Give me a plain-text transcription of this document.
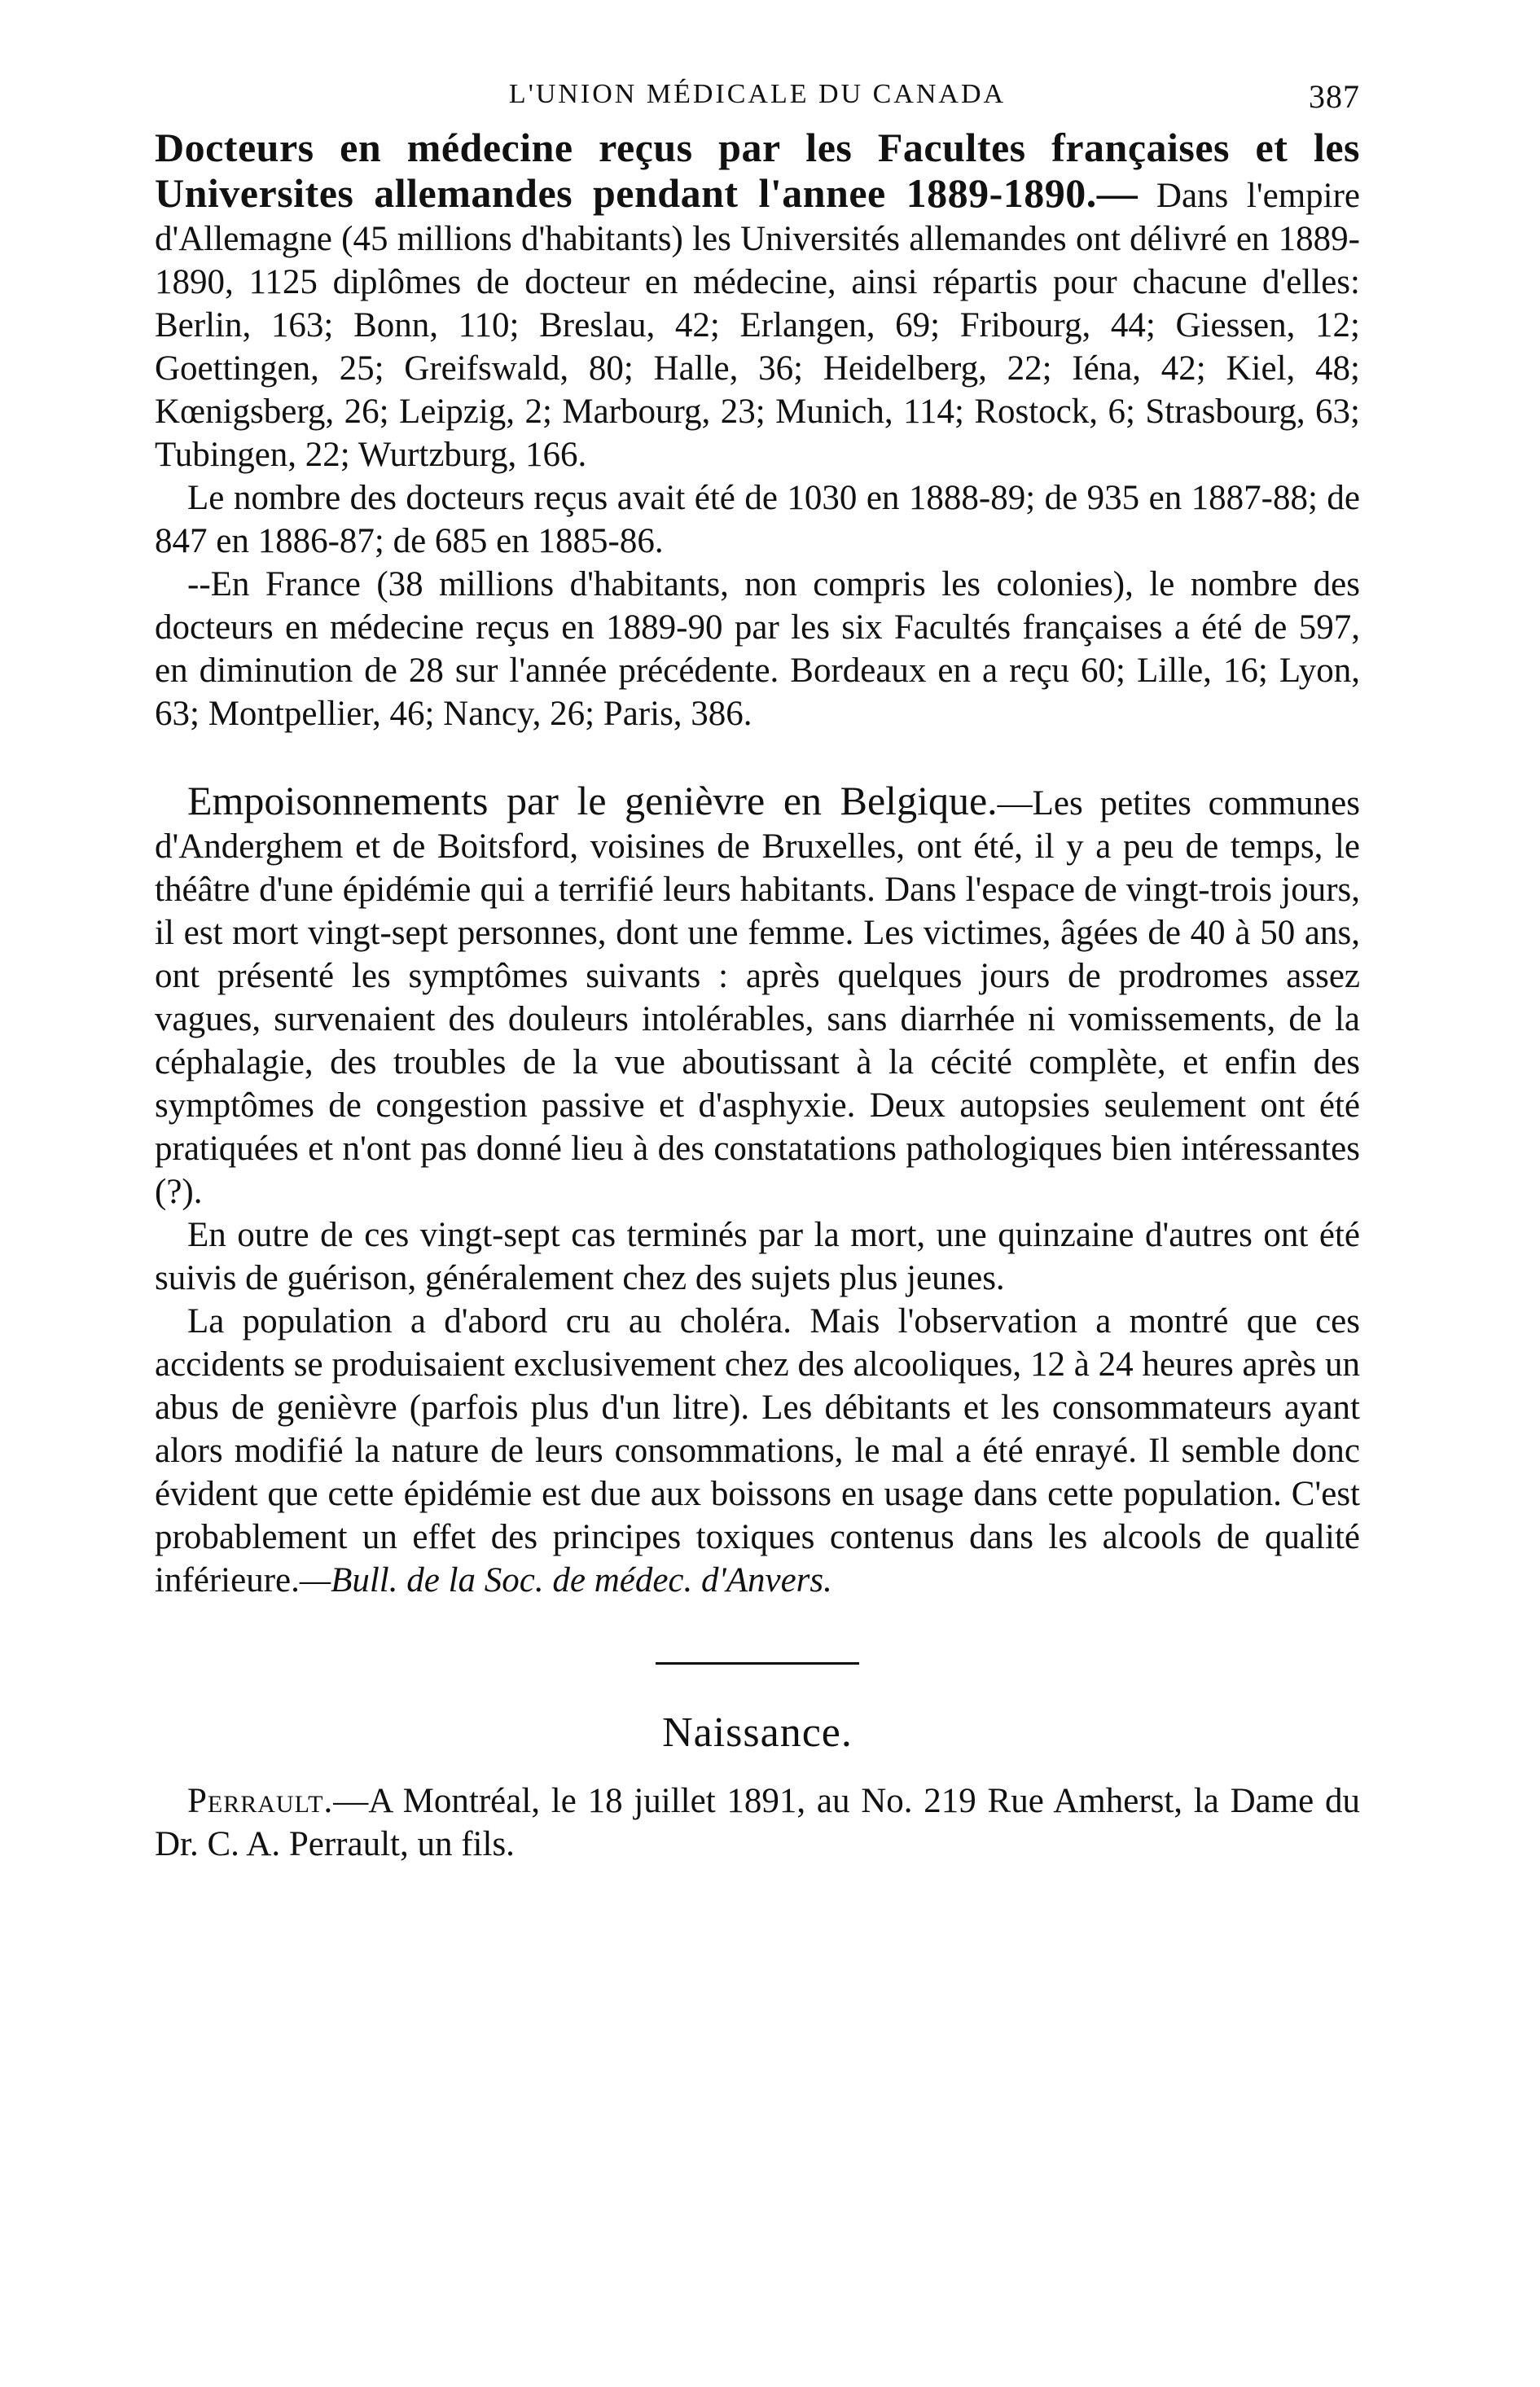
L'UNION MÉDICALE DU CANADA	387

Docteurs en médecine reçus par les Facultes françaises et les Universites allemandes pendant l'annee 1889-1890.— Dans l'empire d'Allemagne (45 millions d'habitants) les Universités allemandes ont délivré en 1889-1890, 1125 diplômes de docteur en médecine, ainsi répartis pour chacune d'elles: Berlin, 163; Bonn, 110; Breslau, 42; Erlangen, 69; Fribourg, 44; Giessen, 12; Goettingen, 25; Greifswald, 80; Halle, 36; Heidelberg, 22; Iéna, 42; Kiel, 48; Kœnigsberg, 26; Leipzig, 2; Marbourg, 23; Munich, 114; Rostock, 6; Strasbourg, 63; Tubingen, 22; Wurtzburg, 166.

Le nombre des docteurs reçus avait été de 1030 en 1888-89; de 935 en 1887-88; de 847 en 1886-87; de 685 en 1885-86.

--En France (38 millions d'habitants, non compris les colonies), le nombre des docteurs en médecine reçus en 1889-90 par les six Facultés françaises a été de 597, en diminution de 28 sur l'année précédente. Bordeaux en a reçu 60; Lille, 16; Lyon, 63; Montpellier, 46; Nancy, 26; Paris, 386.

Empoisonnements par le genièvre en Belgique.—Les petites communes d'Anderghem et de Boitsford, voisines de Bruxelles, ont été, il y a peu de temps, le théâtre d'une épidémie qui a terrifié leurs habitants. Dans l'espace de vingt-trois jours, il est mort vingt-sept personnes, dont une femme. Les victimes, âgées de 40 à 50 ans, ont présenté les symptômes suivants : après quelques jours de prodromes assez vagues, survenaient des douleurs intolérables, sans diarrhée ni vomissements, de la céphalagie, des troubles de la vue aboutissant à la cécité complète, et enfin des symptômes de congestion passive et d'asphyxie. Deux autopsies seulement ont été pratiquées et n'ont pas donné lieu à des constatations pathologiques bien intéressantes (?).

En outre de ces vingt-sept cas terminés par la mort, une quinzaine d'autres ont été suivis de guérison, généralement chez des sujets plus jeunes.

La population a d'abord cru au choléra. Mais l'observation a montré que ces accidents se produisaient exclusivement chez des alcooliques, 12 à 24 heures après un abus de genièvre (parfois plus d'un litre). Les débitants et les consommateurs ayant alors modifié la nature de leurs consommations, le mal a été enrayé. Il semble donc évident que cette épidémie est due aux boissons en usage dans cette population. C'est probablement un effet des principes toxiques contenus dans les alcools de qualité inférieure.—Bull. de la Soc. de médec. d'Anvers.

Naissance.

Perrault.—A Montréal, le 18 juillet 1891, au No. 219 Rue Amherst, la Dame du Dr. C. A. Perrault, un fils.
